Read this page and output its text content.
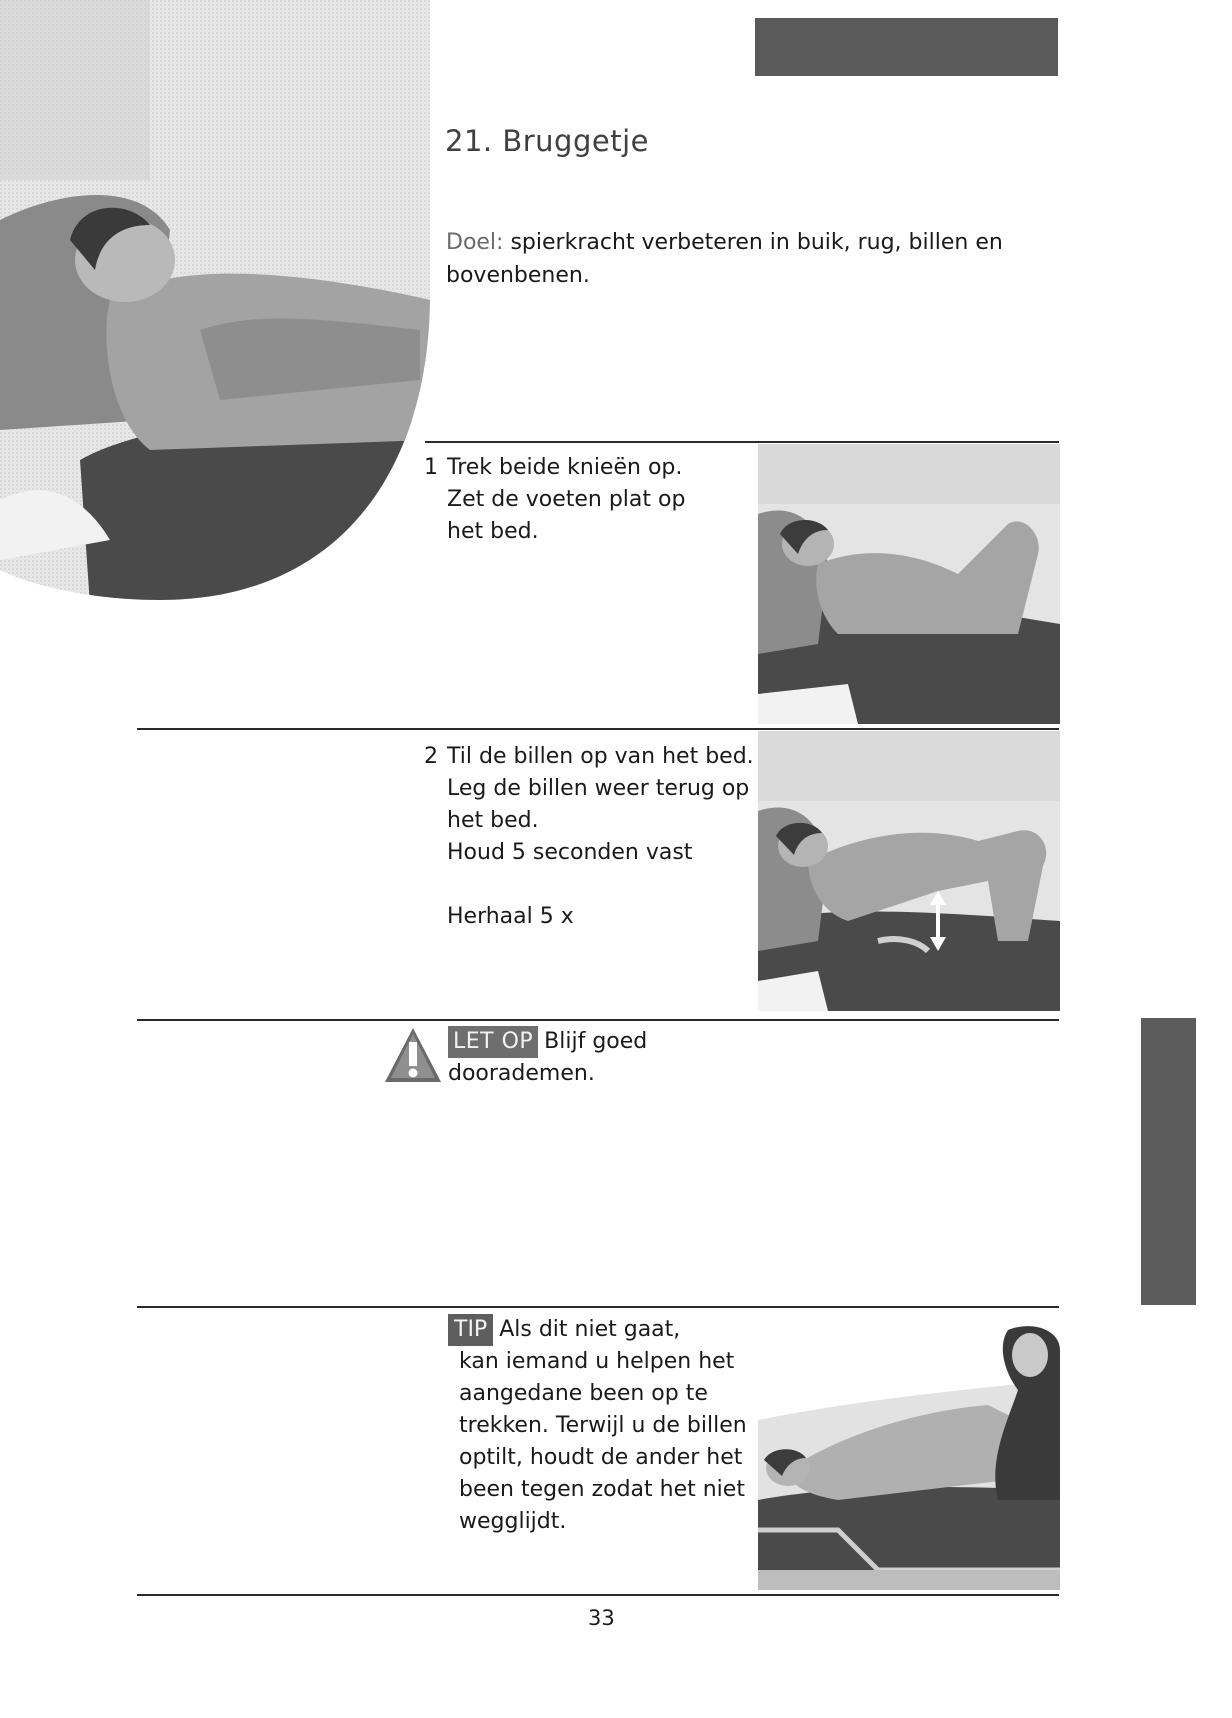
21. Bruggetje
Doel: spierkracht verbeteren in buik, rug, billen en bovenbenen.
1 Trek beide knieën op.
Zet de voeten plat op
het bed.
2 Til de billen op van het bed.
Leg de billen weer terug op
het bed.
Houd 5 seconden vast
Herhaal 5 x
LET OP Blijf goed
doorademen.
TIP Als dit niet gaat,
kan iemand u helpen het
aangedane been op te
trekken. Terwijl u de billen
optilt, houdt de ander het
been tegen zodat het niet
wegglijdt.
33
